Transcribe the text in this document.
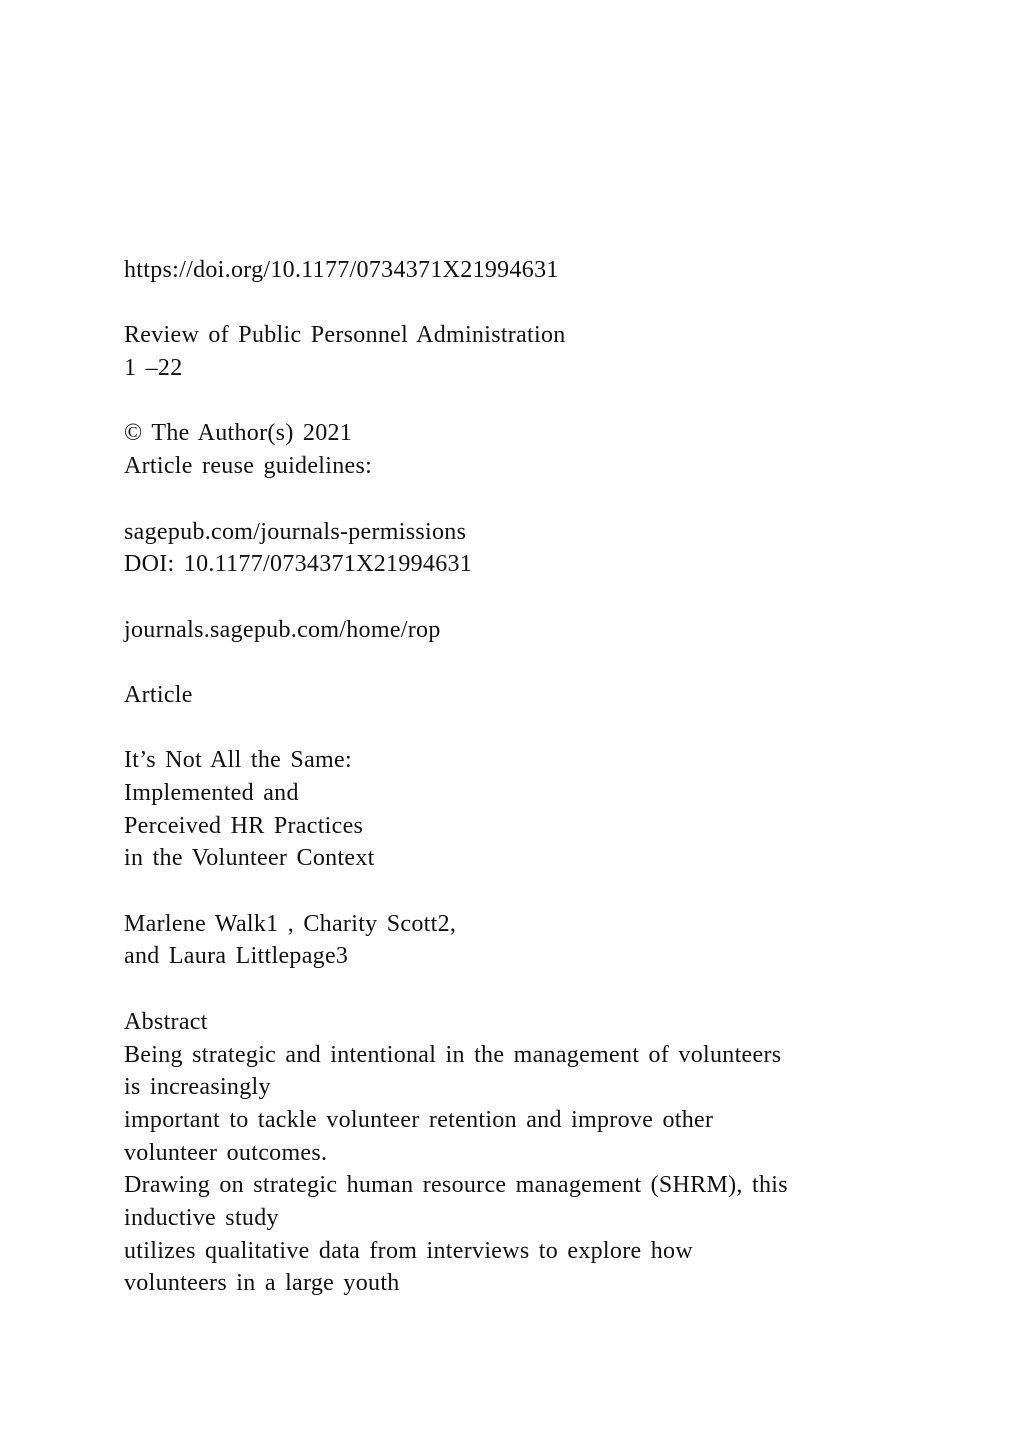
https://doi.org/10.1177/0734371X21994631
Review of Public Personnel Administration
1 –22
© The Author(s) 2021
Article reuse guidelines:
sagepub.com/journals-permissions
DOI: 10.1177/0734371X21994631
journals.sagepub.com/home/rop
Article
It’s Not All the Same:
Implemented and
Perceived HR Practices
in the Volunteer Context
Marlene Walk1 , Charity Scott2,
and Laura Littlepage3
Abstract
Being strategic and intentional in the management of volunteers
is increasingly
important to tackle volunteer retention and improve other
volunteer outcomes.
Drawing on strategic human resource management (SHRM), this
inductive study
utilizes qualitative data from interviews to explore how
volunteers in a large youth
